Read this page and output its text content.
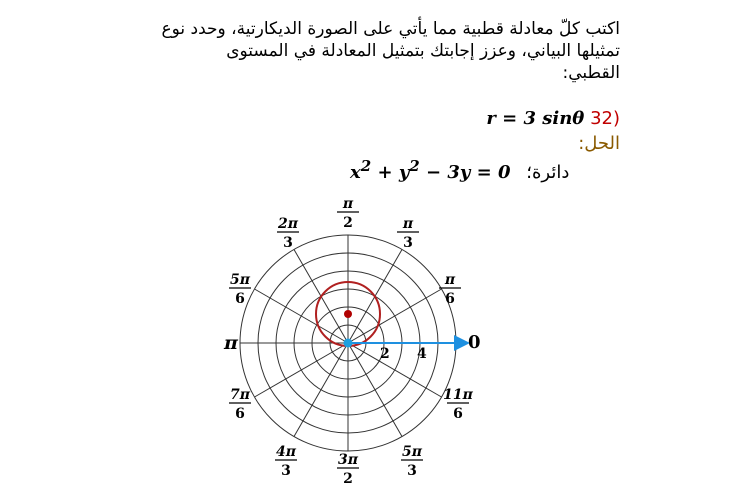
اكتب كلّ معادلة قطبية مما يأتي على الصورة الديكارتية، وحدد نوع
تمثيلها البياني، وعزز إجابتك بتمثيل المعادلة في المستوى
القطبي:
(32 r = 3 sinθ
الحل:
$x^2 + y^2 - 3y = 0$ دائرة؛
0
π	2 4
π
2	π
3
π
6
2π
3
5π
6
7π
6
4π
3
3π
2
5π
3
11π
6
